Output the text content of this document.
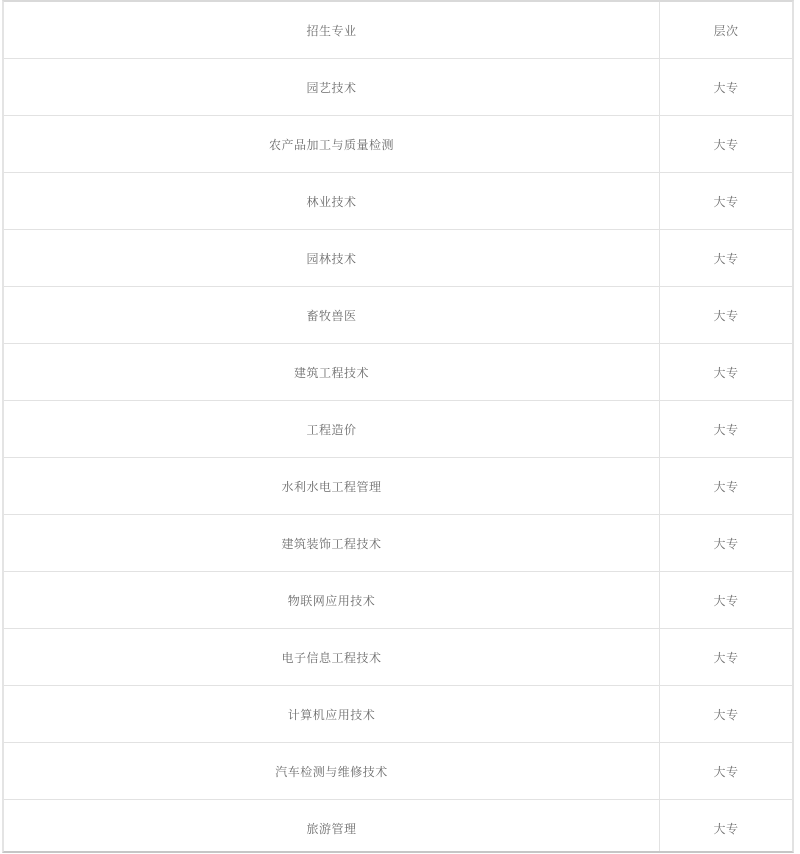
招生专业	层次
园艺技术	大专
农产品加工与质量检测	大专
林业技术	大专
园林技术	大专
畜牧兽医	大专
建筑工程技术	大专
工程造价	大专
水利水电工程管理	大专
建筑装饰工程技术	大专
物联网应用技术	大专
电子信息工程技术	大专
计算机应用技术	大专
汽车检测与维修技术	大专
旅游管理	大专
